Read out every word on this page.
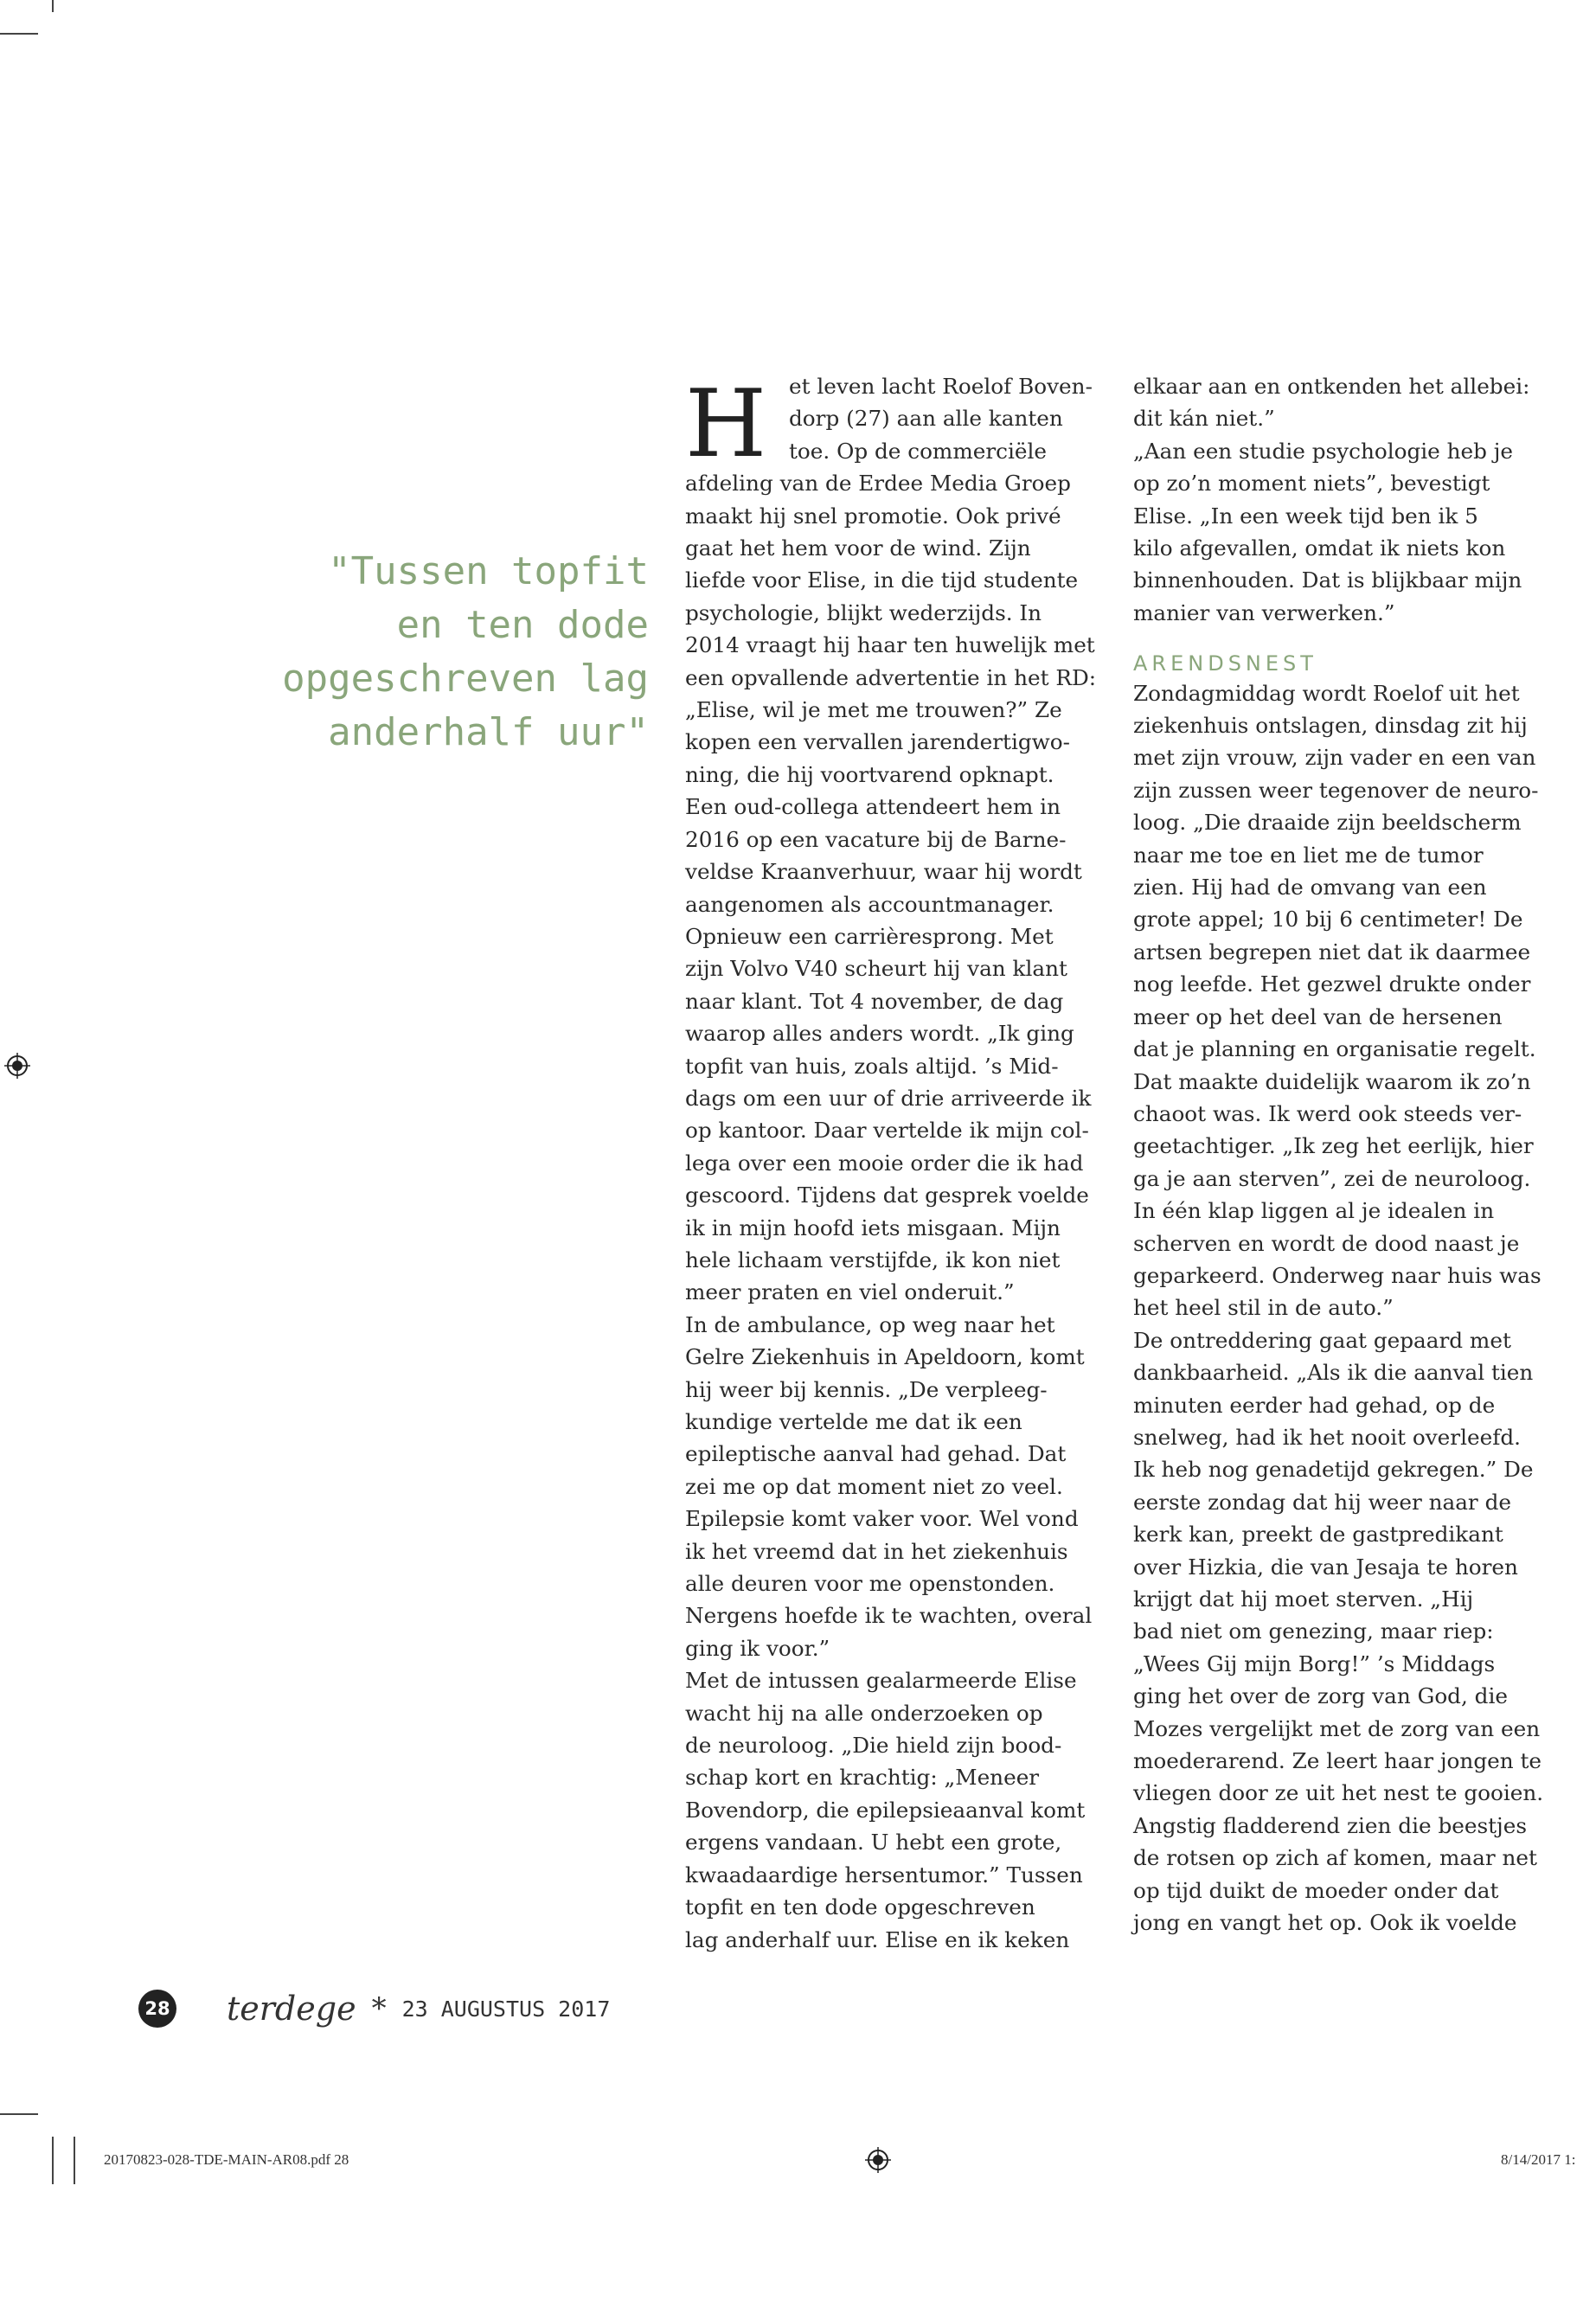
"Tussen topfit
en ten dode
opgeschreven lag
anderhalf uur"

H	et leven lacht Roelof Boven-
dorp (27) aan alle kanten
toe. Op de commerciële
afdeling van de Erdee Media Groep
maakt hij snel promotie. Ook privé
gaat het hem voor de wind. Zijn
liefde voor Elise, in die tijd studente
psychologie, blijkt wederzijds. In
2014 vraagt hij haar ten huwelijk met
een opvallende advertentie in het RD:
„Elise, wil je met me trouwen?” Ze
kopen een vervallen jarendertigwo-
ning, die hij voortvarend opknapt.
Een oud-collega attendeert hem in
2016 op een vacature bij de Barne-
veldse Kraanverhuur, waar hij wordt
aangenomen als accountmanager.
Opnieuw een carrièresprong. Met
zijn Volvo V40 scheurt hij van klant
naar klant. Tot 4 november, de dag
waarop alles anders wordt. „Ik ging
topfit van huis, zoals altijd. ’s Mid-
dags om een uur of drie arriveerde ik
op kantoor. Daar vertelde ik mijn col-
lega over een mooie order die ik had
gescoord. Tijdens dat gesprek voelde
ik in mijn hoofd iets misgaan. Mijn
hele lichaam verstijfde, ik kon niet
meer praten en viel onderuit.”
In de ambulance, op weg naar het
Gelre Ziekenhuis in Apeldoorn, komt
hij weer bij kennis. „De verpleeg-
kundige vertelde me dat ik een
epileptische aanval had gehad. Dat
zei me op dat moment niet zo veel.
Epilepsie komt vaker voor. Wel vond
ik het vreemd dat in het ziekenhuis
alle deuren voor me openstonden.
Nergens hoefde ik te wachten, overal
ging ik voor.”
Met de intussen gealarmeerde Elise
wacht hij na alle onderzoeken op
de neuroloog. „Die hield zijn bood-
schap kort en krachtig: „Meneer
Bovendorp, die epilepsieaanval komt
ergens vandaan. U hebt een grote,
kwaadaardige hersentumor.” Tussen
topfit en ten dode opgeschreven
lag anderhalf uur. Elise en ik keken
elkaar aan en ontkenden het allebei:
dit kán niet.”
„Aan een studie psychologie heb je
op zo’n moment niets”, bevestigt
Elise. „In een week tijd ben ik 5
kilo afgevallen, omdat ik niets kon
binnenhouden. Dat is blijkbaar mijn
manier van verwerken.”
ARENDSNEST
Zondagmiddag wordt Roelof uit het
ziekenhuis ontslagen, dinsdag zit hij
met zijn vrouw, zijn vader en een van
zijn zussen weer tegenover de neuro-
loog. „Die draaide zijn beeldscherm
naar me toe en liet me de tumor
zien. Hij had de omvang van een
grote appel; 10 bij 6 centimeter! De
artsen begrepen niet dat ik daarmee
nog leefde. Het gezwel drukte onder
meer op het deel van de hersenen
dat je planning en organisatie regelt.
Dat maakte duidelijk waarom ik zo’n
chaoot was. Ik werd ook steeds ver-
geetachtiger. „Ik zeg het eerlijk, hier
ga je aan sterven”, zei de neuroloog.
In één klap liggen al je idealen in
scherven en wordt de dood naast je
geparkeerd. Onderweg naar huis was
het heel stil in de auto.”
De ontreddering gaat gepaard met
dankbaarheid. „Als ik die aanval tien
minuten eerder had gehad, op de
snelweg, had ik het nooit overleefd.
Ik heb nog genadetijd gekregen.” De
eerste zondag dat hij weer naar de
kerk kan, preekt de gastpredikant
over Hizkia, die van Jesaja te horen
krijgt dat hij moet sterven. „Hij
bad niet om genezing, maar riep:
„Wees Gij mijn Borg!” ’s Middags
ging het over de zorg van God, die
Mozes vergelijkt met de zorg van een
moederarend. Ze leert haar jongen te
vliegen door ze uit het nest te gooien.
Angstig fladderend zien die beestjes
de rotsen op zich af komen, maar net
op tijd duikt de moeder onder dat
jong en vangt het op. Ook ik voelde
28 terdege * 23 AUGUSTUS 2017
20170823-028-TDE-MAIN-AR08.pdf 28	8/14/2017 1:
